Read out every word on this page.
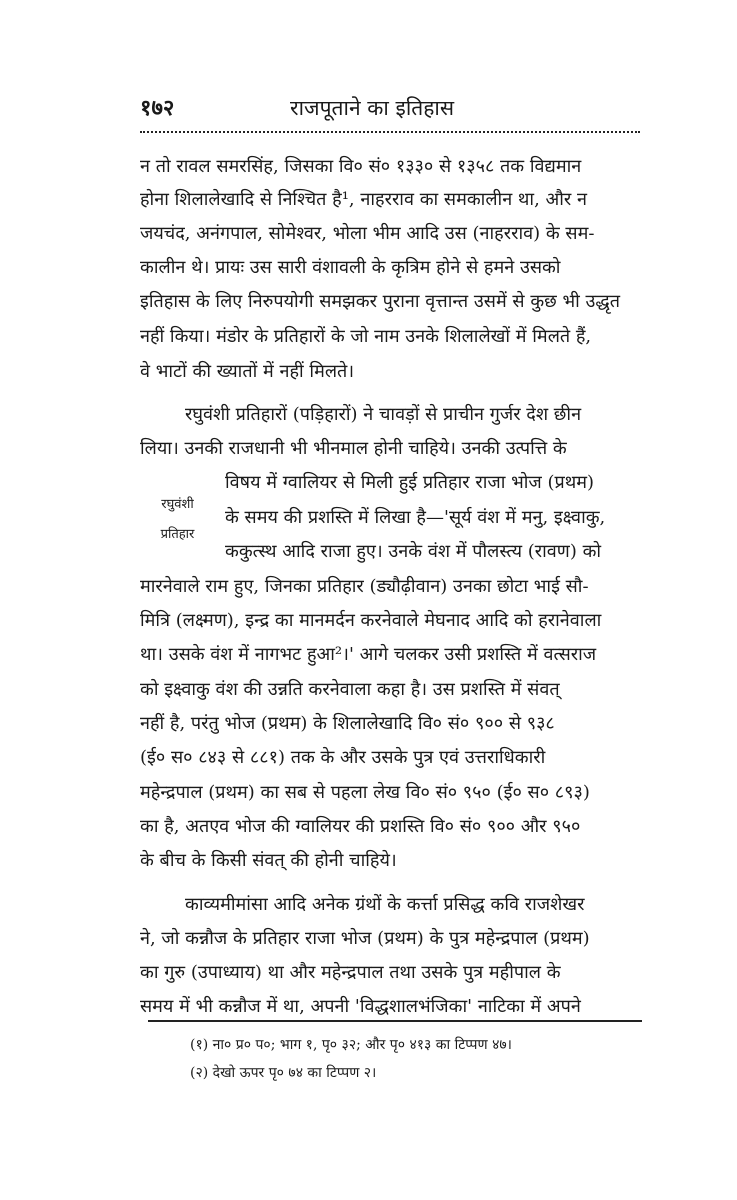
१७२	राजपूताने का इतिहास
न तो रावल समरसिंह, जिसका वि० सं० १३३० से १३५८ तक विद्यमान
होना शिलालेखादि से निश्चित है¹, नाहरराव का समकालीन था, और न
जयचंद, अनंगपाल, सोमेश्वर, भोला भीम आदि उस (नाहरराव) के सम-
कालीन थे। प्रायः उस सारी वंशावली के कृत्रिम होने से हमने उसको
इतिहास के लिए निरुपयोगी समझकर पुराना वृत्तान्त उसमें से कुछ भी उद्धृत
नहीं किया। मंडोर के प्रतिहारों के जो नाम उनके शिलालेखों में मिलते हैं,
वे भाटों की ख्यातों में नहीं मिलते।
रघुवंशी प्रतिहारों (पड़िहारों) ने चावड़ों से प्राचीन गुर्जर देश छीन
लिया। उनकी राजधानी भी भीनमाल होनी चाहिये। उनकी उत्पत्ति के
विषय में ग्वालियर से मिली हुई प्रतिहार राजा भोज (प्रथम)
के समय की प्रशस्ति में लिखा है—'सूर्य वंश में मनु, इक्ष्वाकु,
ककुत्स्थ आदि राजा हुए। उनके वंश में पौलस्त्य (रावण) को
मारनेवाले राम हुए, जिनका प्रतिहार (ड्यौढ़ीवान) उनका छोटा भाई सौ-
मित्रि (लक्ष्मण), इन्द्र का मानमर्दन करनेवाले मेघनाद आदि को हरानेवाला
था। उसके वंश में नागभट हुआ²।' आगे चलकर उसी प्रशस्ति में वत्सराज
को इक्ष्वाकु वंश की उन्नति करनेवाला कहा है। उस प्रशस्ति में संवत्
नहीं है, परंतु भोज (प्रथम) के शिलालेखादि वि० सं० ९०० से ९३८
(ई० स० ८४३ से ८८१) तक के और उसके पुत्र एवं उत्तराधिकारी
महेन्द्रपाल (प्रथम) का सब से पहला लेख वि० सं० ९५० (ई० स० ८९३)
का है, अतएव भोज की ग्वालियर की प्रशस्ति वि० सं० ९०० और ९५०
के बीच के किसी संवत् की होनी चाहिये।
काव्यमीमांसा आदि अनेक ग्रंथों के कर्त्ता प्रसिद्ध कवि राजशेखर
ने, जो कन्नौज के प्रतिहार राजा भोज (प्रथम) के पुत्र महेन्द्रपाल (प्रथम)
का गुरु (उपाध्याय) था और महेन्द्रपाल तथा उसके पुत्र महीपाल के
समय में भी कन्नौज में था, अपनी 'विद्धशालभंजिका' नाटिका में अपने
रघुवंशी
प्रतिहार
(१) ना० प्र० प०; भाग १, पृ० ३२; और पृ० ४१३ का टिप्पण ४७।
(२) देखो ऊपर पृ० ७४ का टिप्पण २।
